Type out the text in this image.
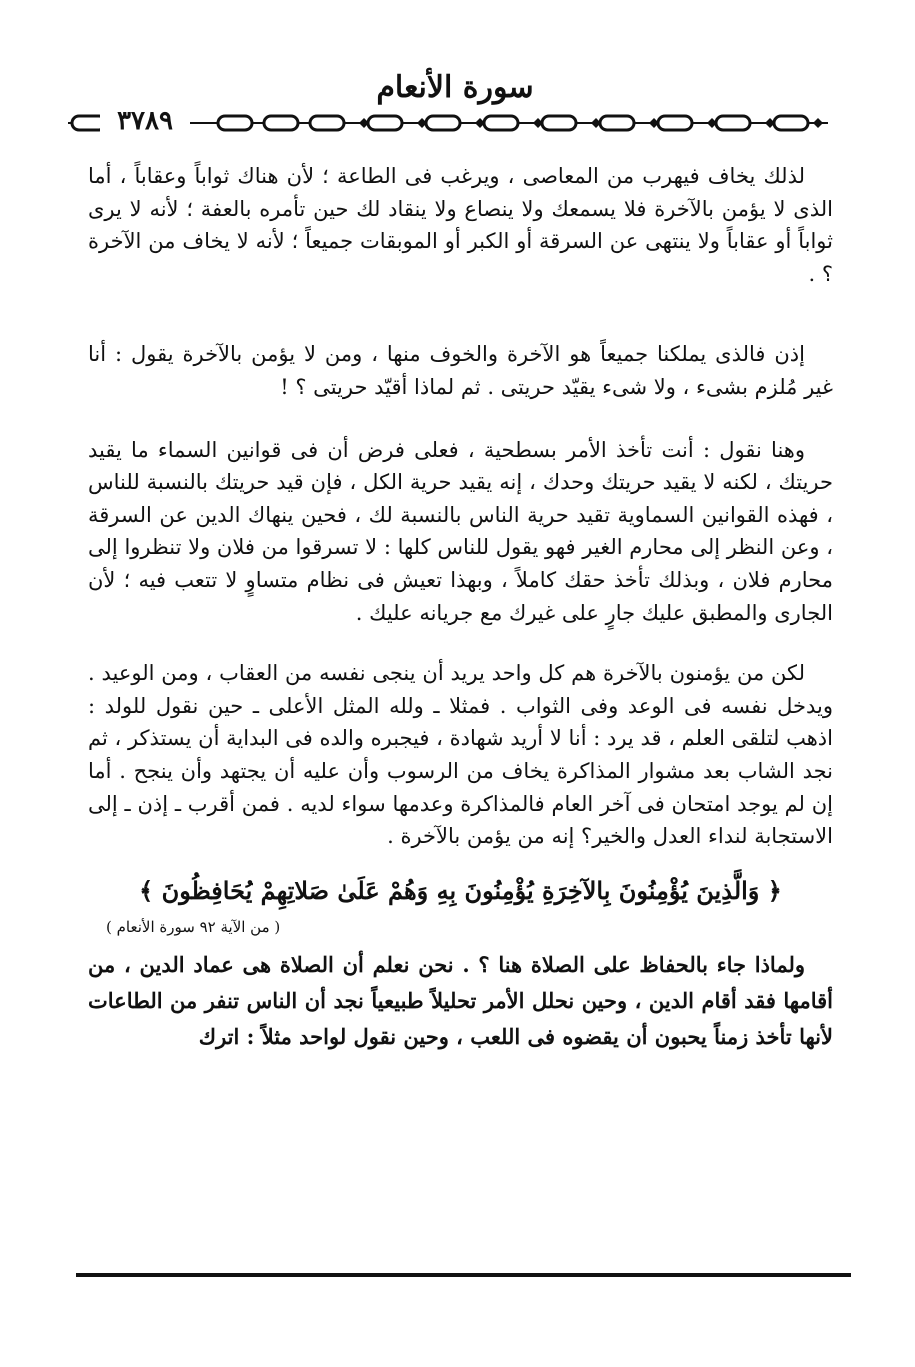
سورة الأنعام
٣٧٨٩

لذلك يخاف فيهرب من المعاصى ، ويرغب فى الطاعة ؛ لأن هناك ثواباً وعقاباً ، أما الذى لا يؤمن بالآخرة فلا يسمعك ولا ينصاع ولا ينقاد لك حين تأمره بالعفة ؛ لأنه لا يرى ثواباً أو عقاباً ولا ينتهى عن السرقة أو الكبر أو الموبقات جميعاً ؛ لأنه لا يخاف من الآخرة ؟ .

إذن فالذى يملكنا جميعاً هو الآخرة والخوف منها ، ومن لا يؤمن بالآخرة يقول : أنا غير مُلزم بشىء ، ولا شىء يقيّد حريتى . ثم لماذا أقيّد حريتى ؟ !

وهنا نقول : أنت تأخذ الأمر بسطحية ، فعلى فرض أن فى قوانين السماء ما يقيد حريتك ، لكنه لا يقيد حريتك وحدك ، إنه يقيد حرية الكل ، فإن قيد حريتك بالنسبة للناس ، فهذه القوانين السماوية تقيد حرية الناس بالنسبة لك ، فحين ينهاك الدين عن السرقة ، وعن النظر إلى محارم الغير فهو يقول للناس كلها : لا تسرقوا من فلان ولا تنظروا إلى محارم فلان ، وبذلك تأخذ حقك كاملاً ، وبهذا تعيش فى نظام متساوٍ لا تتعب فيه ؛ لأن الجارى والمطبق عليك جارٍ على غيرك مع جريانه عليك .

لكن من يؤمنون بالآخرة هم كل واحد يريد أن ينجى نفسه من العقاب ، ومن الوعيد . ويدخل نفسه فى الوعد وفى الثواب . فمثلا ـ ولله المثل الأعلى ـ حين نقول للولد : اذهب لتلقى العلم ، قد يرد : أنا لا أريد شهادة ، فيجبره والده فى البداية أن يستذكر ، ثم نجد الشاب بعد مشوار المذاكرة يخاف من الرسوب وأن عليه أن يجتهد وأن ينجح . أما إن لم يوجد امتحان فى آخر العام فالمذاكرة وعدمها سواء لديه . فمن أقرب ـ إذن ـ إلى الاستجابة لنداء العدل والخير؟ إنه من يؤمن بالآخرة .

﴿ وَالَّذِينَ يُؤْمِنُونَ بِالآخِرَةِ يُؤْمِنُونَ بِهِ وَهُمْ عَلَىٰ صَلاتِهِمْ يُحَافِظُونَ ﴾

( من الآية ٩٢ سورة الأنعام )

ولماذا جاء بالحفاظ على الصلاة هنا ؟ . نحن نعلم أن الصلاة هى عماد الدين ، من أقامها فقد أقام الدين ، وحين نحلل الأمر تحليلاً طبيعياً نجد أن الناس تنفر من الطاعات لأنها تأخذ زمناً يحبون أن يقضوه فى اللعب ، وحين نقول لواحد مثلاً : اترك
